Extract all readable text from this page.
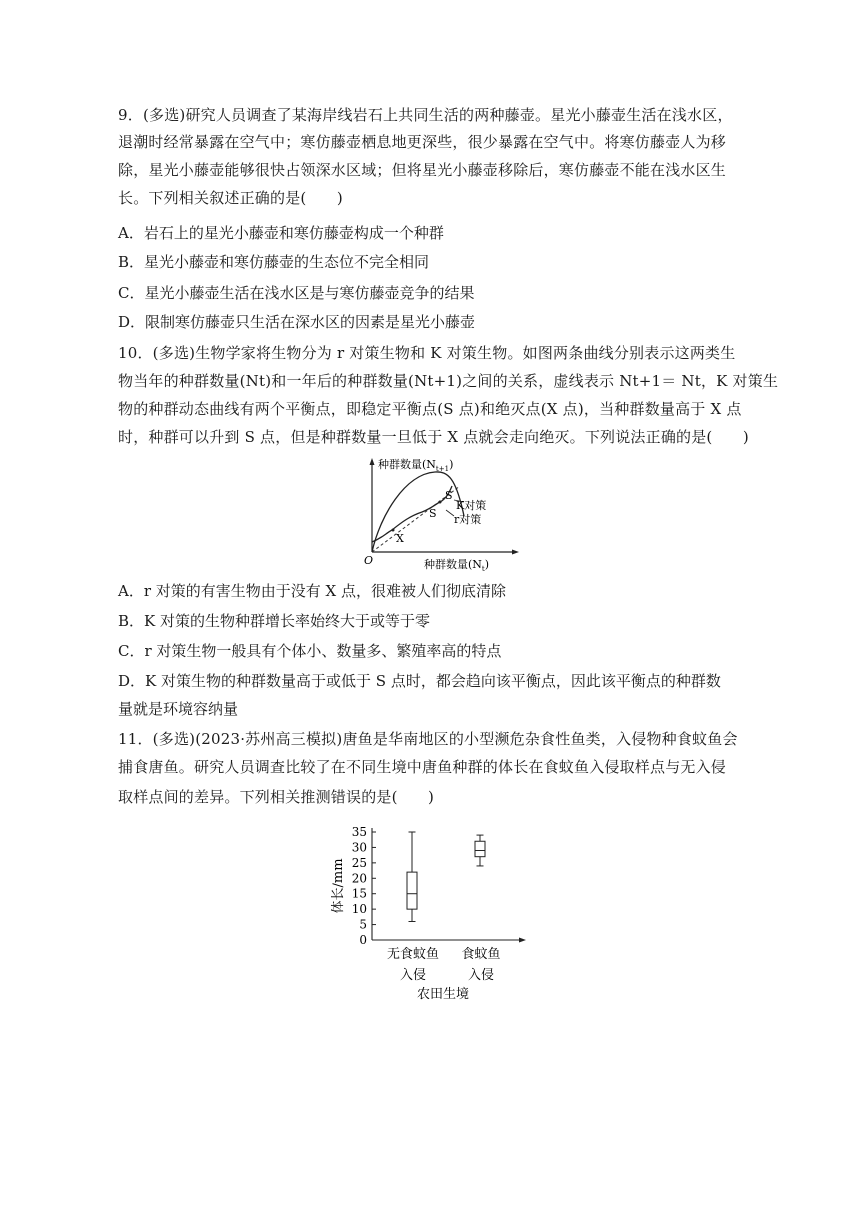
9．(多选)研究人员调查了某海岸线岩石上共同生活的两种藤壶。星光小藤壶生活在浅水区，
退潮时经常暴露在空气中；寒仿藤壶栖息地更深些，很少暴露在空气中。将寒仿藤壶人为移
除，星光小藤壶能够很快占领深水区域；但将星光小藤壶移除后，寒仿藤壶不能在浅水区生
长。下列相关叙述正确的是(　　)
A．岩石上的星光小藤壶和寒仿藤壶构成一个种群
B．星光小藤壶和寒仿藤壶的生态位不完全相同
C．星光小藤壶生活在浅水区是与寒仿藤壶竞争的结果
D．限制寒仿藤壶只生活在深水区的因素是星光小藤壶
10．(多选)生物学家将生物分为 r 对策生物和 K 对策生物。如图两条曲线分别表示这两类生
物当年的种群数量(Nt)和一年后的种群数量(Nt+1)之间的关系，虚线表示 Nt+1＝ Nt，K 对策生
物的种群动态曲线有两个平衡点，即稳定平衡点(S 点)和绝灭点(X 点)，当种群数量高于 X 点
时，种群可以升到 S 点，但是种群数量一旦低于 X 点就会走向绝灭。下列说法正确的是(　　)
种群数量$(N_{t+1})$
种群数量$(N_t)$
O
S
S
X
K对策
r对策
A．r 对策的有害生物由于没有 X 点，很难被人们彻底清除
B．K 对策的生物种群增长率始终大于或等于零
C．r 对策生物一般具有个体小、数量多、繁殖率高的特点
D．K 对策生物的种群数量高于或低于 S 点时，都会趋向该平衡点，因此该平衡点的种群数
量就是环境容纳量
11．(多选)(2023·苏州高三模拟)唐鱼是华南地区的小型濒危杂食性鱼类，入侵物种食蚊鱼会
捕食唐鱼。研究人员调查比较了在不同生境中唐鱼种群的体长在食蚊鱼入侵取样点与无入侵
取样点间的差异。下列相关推测错误的是(　　)
0
5
10
15
20
25
30
35
无食蚊鱼
入侵
食蚊鱼
入侵
体长/mm
农田生境
